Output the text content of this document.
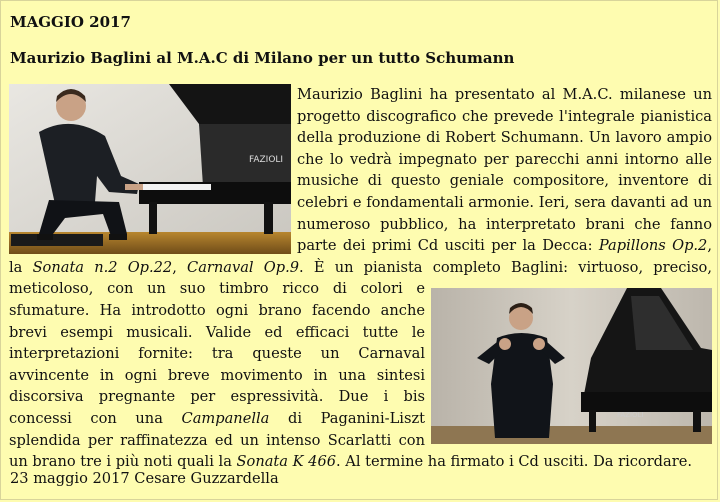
MAGGIO 2017
Maurizio Baglini al M.A.C di Milano per un tutto Schumann

FAZIOLI
FAZIOLI
Maurizio Baglini ha presentato al M.A.C. milanese un progetto discografico che prevede l'integrale pianistica della produzione di Robert Schumann. Un lavoro ampio che lo vedrà impegnato per parecchi anni intorno alle musiche di questo geniale compositore, inventore di celebri e fondamentali armonie. Ieri, sera davanti ad un numeroso pubblico, ha interpretato brani che fanno parte dei primi Cd usciti per la Decca: Papillons Op.2, la Sonata n.2 Op.22, Carnaval Op.9. È un pianista completo Baglini: virtuoso, preciso, meticoloso, con un suo timbro ricco di colori e sfumature. Ha introdotto ogni brano facendo anche brevi esempi musicali. Valide ed efficaci tutte le interpretazioni fornite: tra queste un Carnaval avvincente in ogni breve movimento in una sintesi discorsiva pregnante per espressività. Due i bis concessi con una Campanella di Paganini-Liszt splendida per raffinatezza ed un intenso Scarlatti con un brano tre i più noti quali la Sonata K 466. Al termine ha firmato i Cd usciti. Da ricordare.

23 maggio 2017 Cesare Guzzardella
